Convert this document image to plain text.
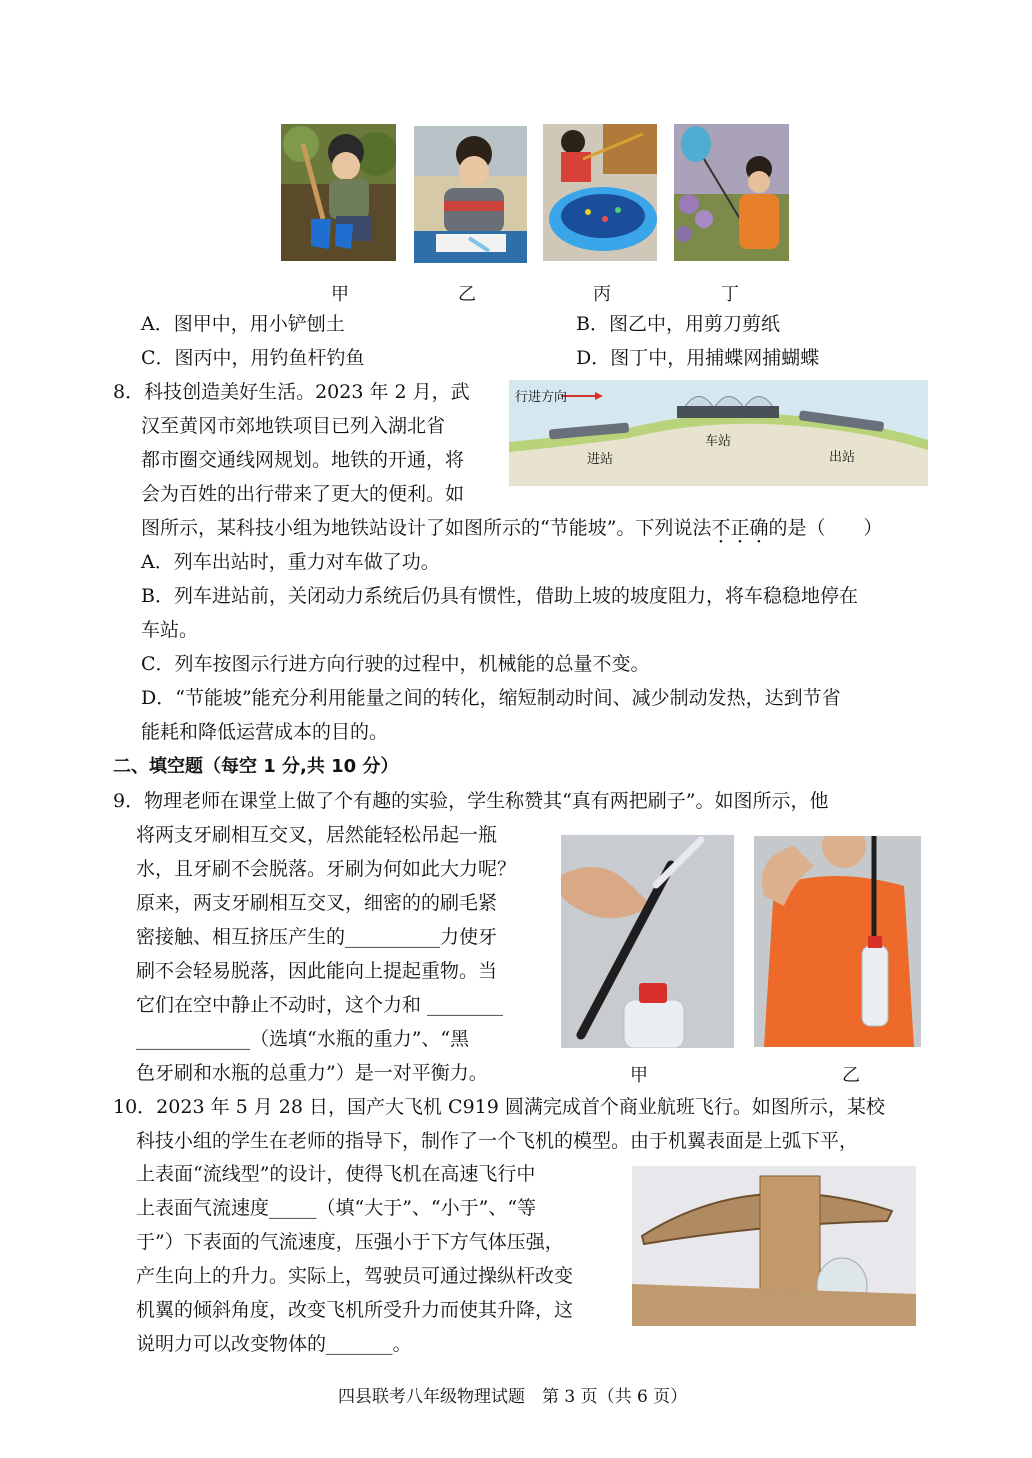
甲	乙	丙	丁
A．图甲中，用小铲刨土	B．图乙中，用剪刀剪纸
C．图丙中，用钓鱼杆钓鱼	D．图丁中，用捕蝶网捕蝴蝶
8．科技创造美好生活。2023 年 2 月，武
汉至黄冈市郊地铁项目已列入湖北省
都市圈交通线网规划。地铁的开通，将
会为百姓的出行带来了更大的便利。如
行进方向
进站
车站
出站
图所示，某科技小组为地铁站设计了如图所示的“节能坡”。下列说法不正确的是（　　）
A．列车出站时，重力对车做了功。
B．列车进站前，关闭动力系统后仍具有惯性，借助上坡的坡度阻力，将车稳稳地停在
车站。
C．列车按图示行进方向行驶的过程中，机械能的总量不变。
D．“节能坡”能充分利用能量之间的转化，缩短制动时间、减少制动发热，达到节省
能耗和降低运营成本的目的。
二、填空题（每空 1 分,共 10 分）
9．物理老师在课堂上做了个有趣的实验，学生称赞其“真有两把刷子”。如图所示，他
将两支牙刷相互交叉，居然能轻松吊起一瓶
水，且牙刷不会脱落。牙刷为何如此大力呢？
原来，两支牙刷相互交叉，细密的的刷毛紧
密接触、相互挤压产生的__________力使牙
刷不会轻易脱落，因此能向上提起重物。当
它们在空中静止不动时，这个力和 ________
____________（选填“水瓶的重力”、“黑
色牙刷和水瓶的总重力”）是一对平衡力。	甲	乙
10．2023 年 5 月 28 日，国产大飞机 C919 圆满完成首个商业航班飞行。如图所示，某校
科技小组的学生在老师的指导下，制作了一个飞机的模型。由于机翼表面是上弧下平，
上表面“流线型”的设计，使得飞机在高速飞行中
上表面气流速度_____（填“大于”、“小于”、“等
于”）下表面的气流速度，压强小于下方气体压强，
产生向上的升力。实际上，驾驶员可通过操纵杆改变
机翼的倾斜角度，改变飞机所受升力而使其升降，这
说明力可以改变物体的_______。
四县联考八年级物理试题　第 3 页（共 6 页）
